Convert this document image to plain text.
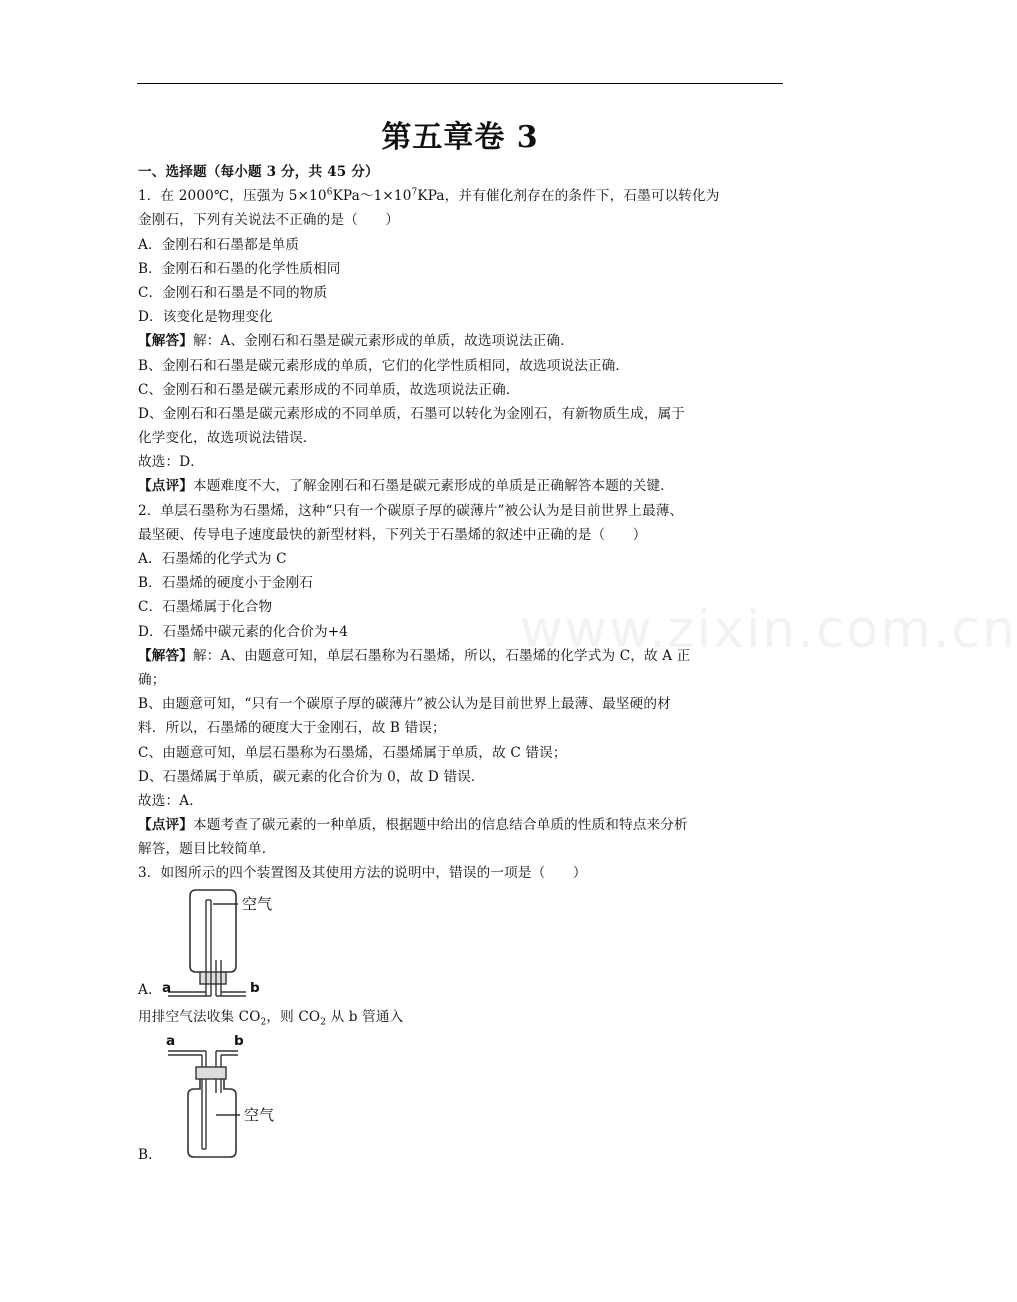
第五章卷 3
www.zixin.com.cn
一、选择题（每小题 3 分，共 45 分）
1．在 2000℃，压强为 $5\times 10^6KPa\sim 1\times 10^7KPa$，并有催化剂存在的条件下，石墨可以转化为
金刚石，下列有关说法不正确的是（　　）
A．金刚石和石墨都是单质
B．金刚石和石墨的化学性质相同
C．金刚石和石墨是不同的物质
D．该变化是物理变化
【解答】解：A、金刚石和石墨是碳元素形成的单质，故选项说法正确．
B、金刚石和石墨是碳元素形成的单质，它们的化学性质相同，故选项说法正确．
C、金刚石和石墨是碳元素形成的不同单质，故选项说法正确．
D、金刚石和石墨是碳元素形成的不同单质，石墨可以转化为金刚石，有新物质生成，属于
化学变化，故选项说法错误．
故选：D．
【点评】本题难度不大，了解金刚石和石墨是碳元素形成的单质是正确解答本题的关键．
2．单层石墨称为石墨烯，这种“只有一个碳原子厚的碳薄片”被公认为是目前世界上最薄、
最坚硬、传导电子速度最快的新型材料，下列关于石墨烯的叙述中正确的是（　　）
A．石墨烯的化学式为 C
B．石墨烯的硬度小于金刚石
C．石墨烯属于化合物
D．石墨烯中碳元素的化合价为+4
【解答】解：A、由题意可知，单层石墨称为石墨烯，所以，石墨烯的化学式为 C，故 A 正
确；
B、由题意可知，“只有一个碳原子厚的碳薄片”被公认为是目前世界上最薄、最坚硬的材
料．所以，石墨烯的硬度大于金刚石，故 B 错误；
C、由题意可知，单层石墨称为石墨烯，石墨烯属于单质，故 C 错误；
D、石墨烯属于单质，碳元素的化合价为 0，故 D 错误．
故选：A．
【点评】本题考查了碳元素的一种单质，根据题中给出的信息结合单质的性质和特点来分析
解答，题目比较简单．
3．如图所示的四个装置图及其使用方法的说明中，错误的一项是（　　）
A. a	b
空气
用排空气法收集 $CO_2$，则 $CO_2$ 从 b 管通入
a	b
空气
B.
